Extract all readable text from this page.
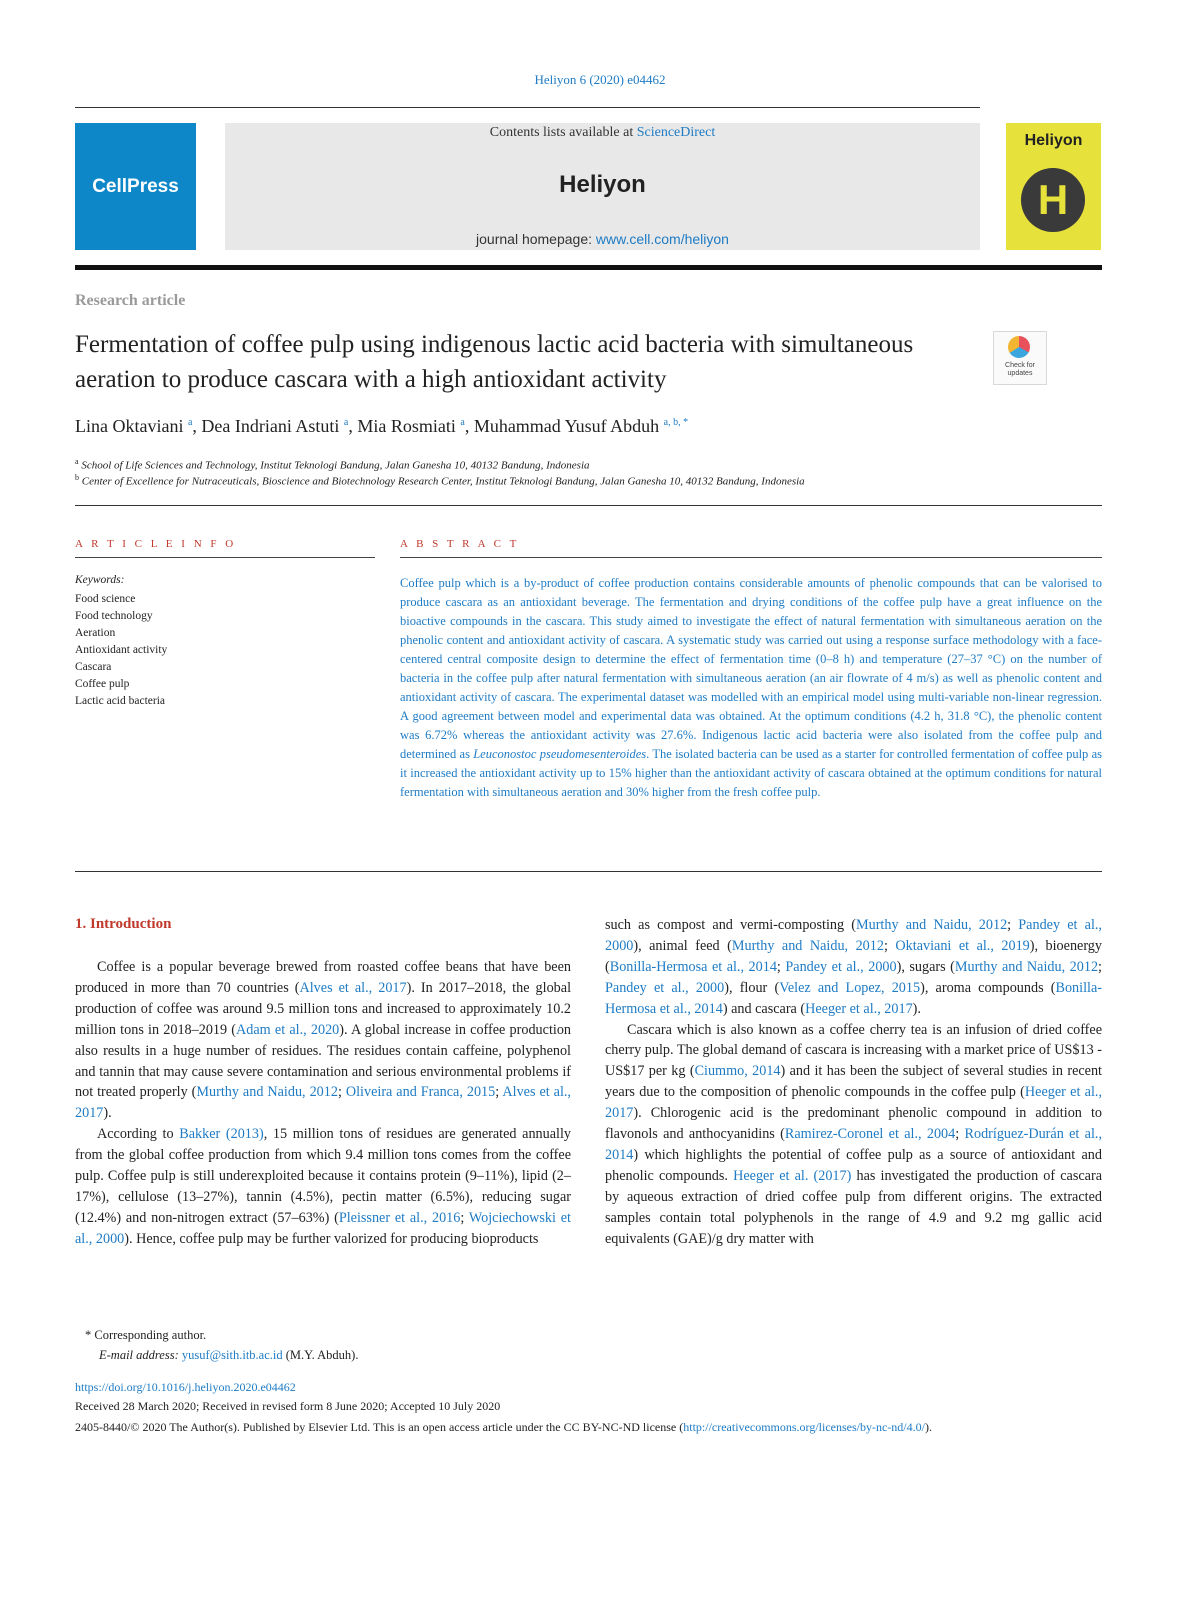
Heliyon 6 (2020) e04462
CellPress
Contents lists available at ScienceDirect
Heliyon
journal homepage: www.cell.com/heliyon
Heliyon
H
Research article
Fermentation of coffee pulp using indigenous lactic acid bacteria with simultaneous aeration to produce cascara with a high antioxidant activity
Check for updates
Lina Oktaviani $^a$, Dea Indriani Astuti $^a$, Mia Rosmiati $^a$, Muhammad Yusuf Abduh $^{a, b, *}$
$^a$ School of Life Sciences and Technology, Institut Teknologi Bandung, Jalan Ganesha 10, 40132 Bandung, Indonesia
$^b$ Center of Excellence for Nutraceuticals, Bioscience and Biotechnology Research Center, Institut Teknologi Bandung, Jalan Ganesha 10, 40132 Bandung, Indonesia
A R T I C L E I N F O	A B S T R A C T
Keywords:
Food science
Food technology
Aeration
Antioxidant activity
Cascara
Coffee pulp
Lactic acid bacteria
Coffee pulp which is a by-product of coffee production contains considerable amounts of phenolic compounds that can be valorised to produce cascara as an antioxidant beverage. The fermentation and drying conditions of the coffee pulp have a great influence on the bioactive compounds in the cascara. This study aimed to investigate the effect of natural fermentation with simultaneous aeration on the phenolic content and antioxidant activity of cascara. A systematic study was carried out using a response surface methodology with a face-centered central composite design to determine the effect of fermentation time (0–8 h) and temperature (27–37 °C) on the number of bacteria in the coffee pulp after natural fermentation with simultaneous aeration (an air flowrate of 4 m/s) as well as phenolic content and antioxidant activity of cascara. The experimental dataset was modelled with an empirical model using multi-variable non-linear regression. A good agreement between model and experimental data was obtained. At the optimum conditions (4.2 h, 31.8 °C), the phenolic content was 6.72% whereas the antioxidant activity was 27.6%. Indigenous lactic acid bacteria were also isolated from the coffee pulp and determined as Leuconostoc pseudomesenteroides. The isolated bacteria can be used as a starter for controlled fermentation of coffee pulp as it increased the antioxidant activity up to 15% higher than the antioxidant activity of cascara obtained at the optimum conditions for natural fermentation with simultaneous aeration and 30% higher from the fresh coffee pulp.
1. Introduction

Coffee is a popular beverage brewed from roasted coffee beans that have been produced in more than 70 countries (Alves et al., 2017). In 2017–2018, the global production of coffee was around 9.5 million tons and increased to approximately 10.2 million tons in 2018–2019 (Adam et al., 2020). A global increase in coffee production also results in a huge number of residues. The residues contain caffeine, polyphenol and tannin that may cause severe contamination and serious environmental problems if not treated properly (Murthy and Naidu, 2012; Oliveira and Franca, 2015; Alves et al., 2017).

According to Bakker (2013), 15 million tons of residues are generated annually from the global coffee production from which 9.4 million tons comes from the coffee pulp. Coffee pulp is still underexploited because it contains protein (9–11%), lipid (2–17%), cellulose (13–27%), tannin (4.5%), pectin matter (6.5%), reducing sugar (12.4%) and non-nitrogen extract (57–63%) (Pleissner et al., 2016; Wojciechowski et al., 2000). Hence, coffee pulp may be further valorized for producing bioproducts

such as compost and vermi-composting (Murthy and Naidu, 2012; Pandey et al., 2000), animal feed (Murthy and Naidu, 2012; Oktaviani et al., 2019), bioenergy (Bonilla-Hermosa et al., 2014; Pandey et al., 2000), sugars (Murthy and Naidu, 2012; Pandey et al., 2000), flour (Velez and Lopez, 2015), aroma compounds (Bonilla-Hermosa et al., 2014) and cascara (Heeger et al., 2017).

Cascara which is also known as a coffee cherry tea is an infusion of dried coffee cherry pulp. The global demand of cascara is increasing with a market price of US$13 - US$17 per kg (Ciummo, 2014) and it has been the subject of several studies in recent years due to the composition of phenolic compounds in the coffee pulp (Heeger et al., 2017). Chlorogenic acid is the predominant phenolic compound in addition to flavonols and anthocyanidins (Ramirez-Coronel et al., 2004; Rodríguez-Durán et al., 2014) which highlights the potential of coffee pulp as a source of antioxidant and phenolic compounds. Heeger et al. (2017) has investigated the production of cascara by aqueous extraction of dried coffee pulp from different origins. The extracted samples contain total polyphenols in the range of 4.9 and 9.2 mg gallic acid equivalents (GAE)/g dry matter with

* Corresponding author.
E-mail address: yusuf@sith.itb.ac.id (M.Y. Abduh).
https://doi.org/10.1016/j.heliyon.2020.e04462
Received 28 March 2020; Received in revised form 8 June 2020; Accepted 10 July 2020
2405-8440/© 2020 The Author(s). Published by Elsevier Ltd. This is an open access article under the CC BY-NC-ND license (http://creativecommons.org/licenses/by-nc-nd/4.0/).
